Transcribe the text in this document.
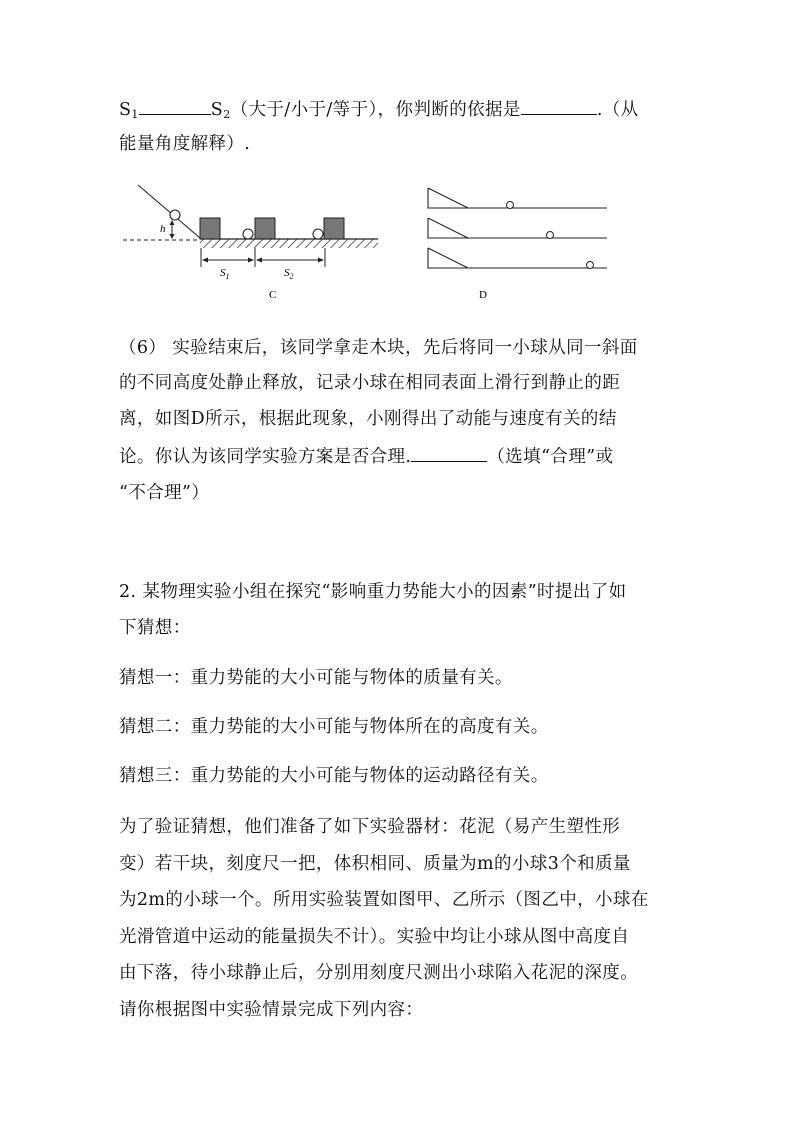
$S_1$	$S_2$（大于/小于/等于），你判断的依据是	.（从
能量角度解释）.
h
$S_1$	$S_2$
C	D
（6） 实验结束后，该同学拿走木块，先后将同一小球从同一斜面
的不同高度处静止释放，记录小球在相同表面上滑行到静止的距
离，如图D所示，根据此现象，小刚得出了动能与速度有关的结
论。你认为该同学实验方案是否合理.	（选填“合理”或
“不合理”）
2. 某物理实验小组在探究“影响重力势能大小的因素”时提出了如
下猜想：
猜想一：重力势能的大小可能与物体的质量有关。
猜想二：重力势能的大小可能与物体所在的高度有关。
猜想三：重力势能的大小可能与物体的运动路径有关。
为了验证猜想，他们准备了如下实验器材：花泥（易产生塑性形
变）若干块，刻度尺一把，体积相同、质量为m的小球3个和质量
为2m的小球一个。所用实验装置如图甲、乙所示（图乙中，小球在
光滑管道中运动的能量损失不计）。实验中均让小球从图中高度自
由下落，待小球静止后，分别用刻度尺测出小球陷入花泥的深度。
请你根据图中实验情景完成下列内容：
